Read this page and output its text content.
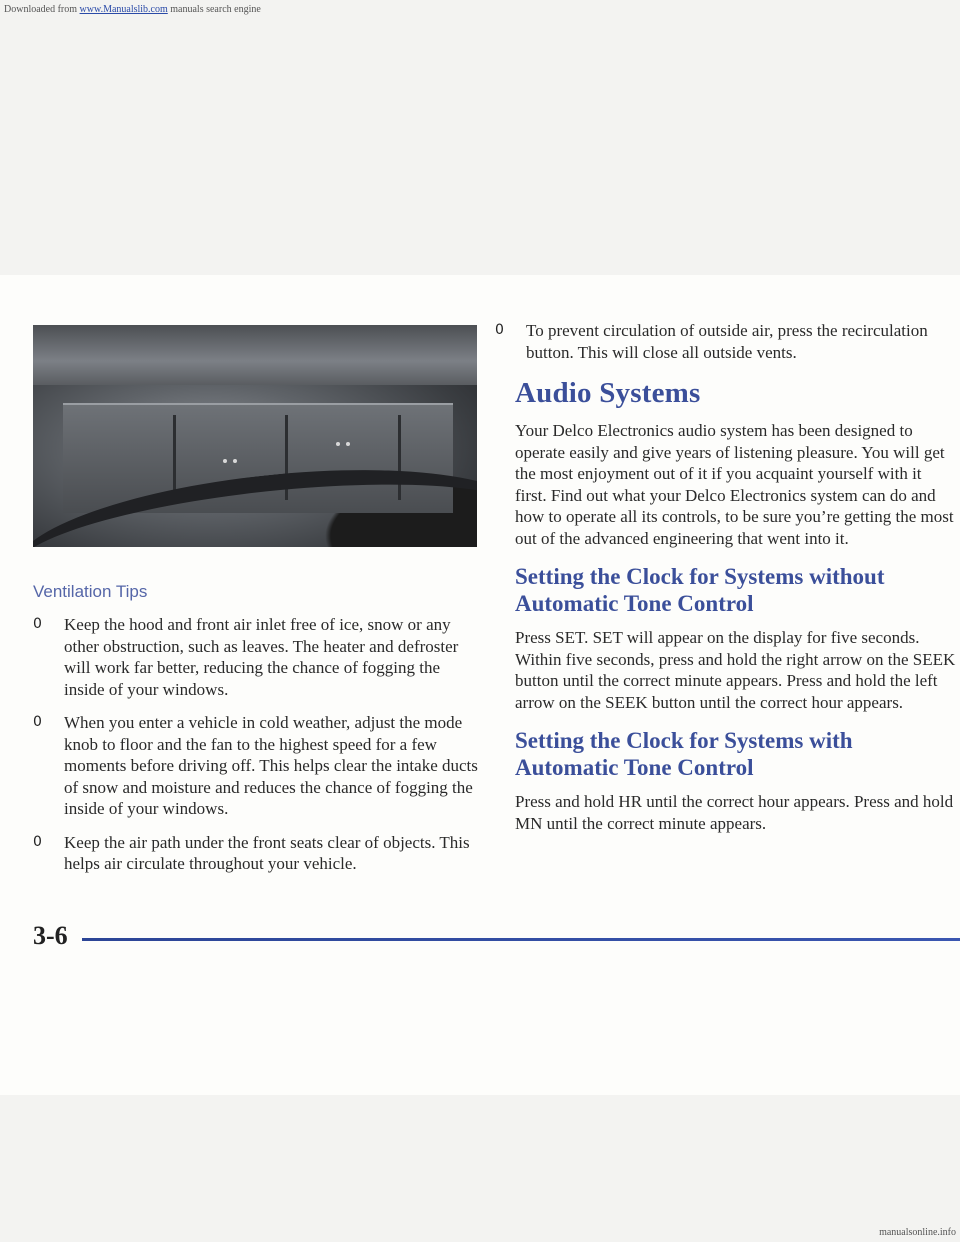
Downloaded from www.Manualslib.com manuals search engine
Ventilation Tips
0 Keep the hood and front air inlet free of ice, snow or any other obstruction, such as leaves. The heater and defroster will work far better, reducing the chance of fogging the inside of your windows.
0 When you enter a vehicle in cold weather, adjust the mode knob to floor and the fan to the highest speed for a few moments before driving off. This helps clear the intake ducts of snow and moisture and reduces the chance of fogging the inside of your windows.
0 Keep the air path under the front seats clear of objects. This helps air circulate throughout your vehicle.
0 To prevent circulation of outside air, press the recirculation button. This will close all outside vents.
Audio Systems

Your Delco Electronics audio system has been designed to operate easily and give years of listening pleasure. You will get the most enjoyment out of it if you acquaint yourself with it first. Find out what your Delco Electronics system can do and how to operate all its controls, to be sure you’re getting the most out of the advanced engineering that went into it.

Setting the Clock for Systems without Automatic Tone Control

Press SET. SET will appear on the display for five seconds. Within five seconds, press and hold the right arrow on the SEEK button until the correct minute appears. Press and hold the left arrow on the SEEK button until the correct hour appears.

Setting the Clock for Systems with Automatic Tone Control

Press and hold HR until the correct hour appears. Press and hold MN until the correct minute appears.

3-6
manualsonline.info
